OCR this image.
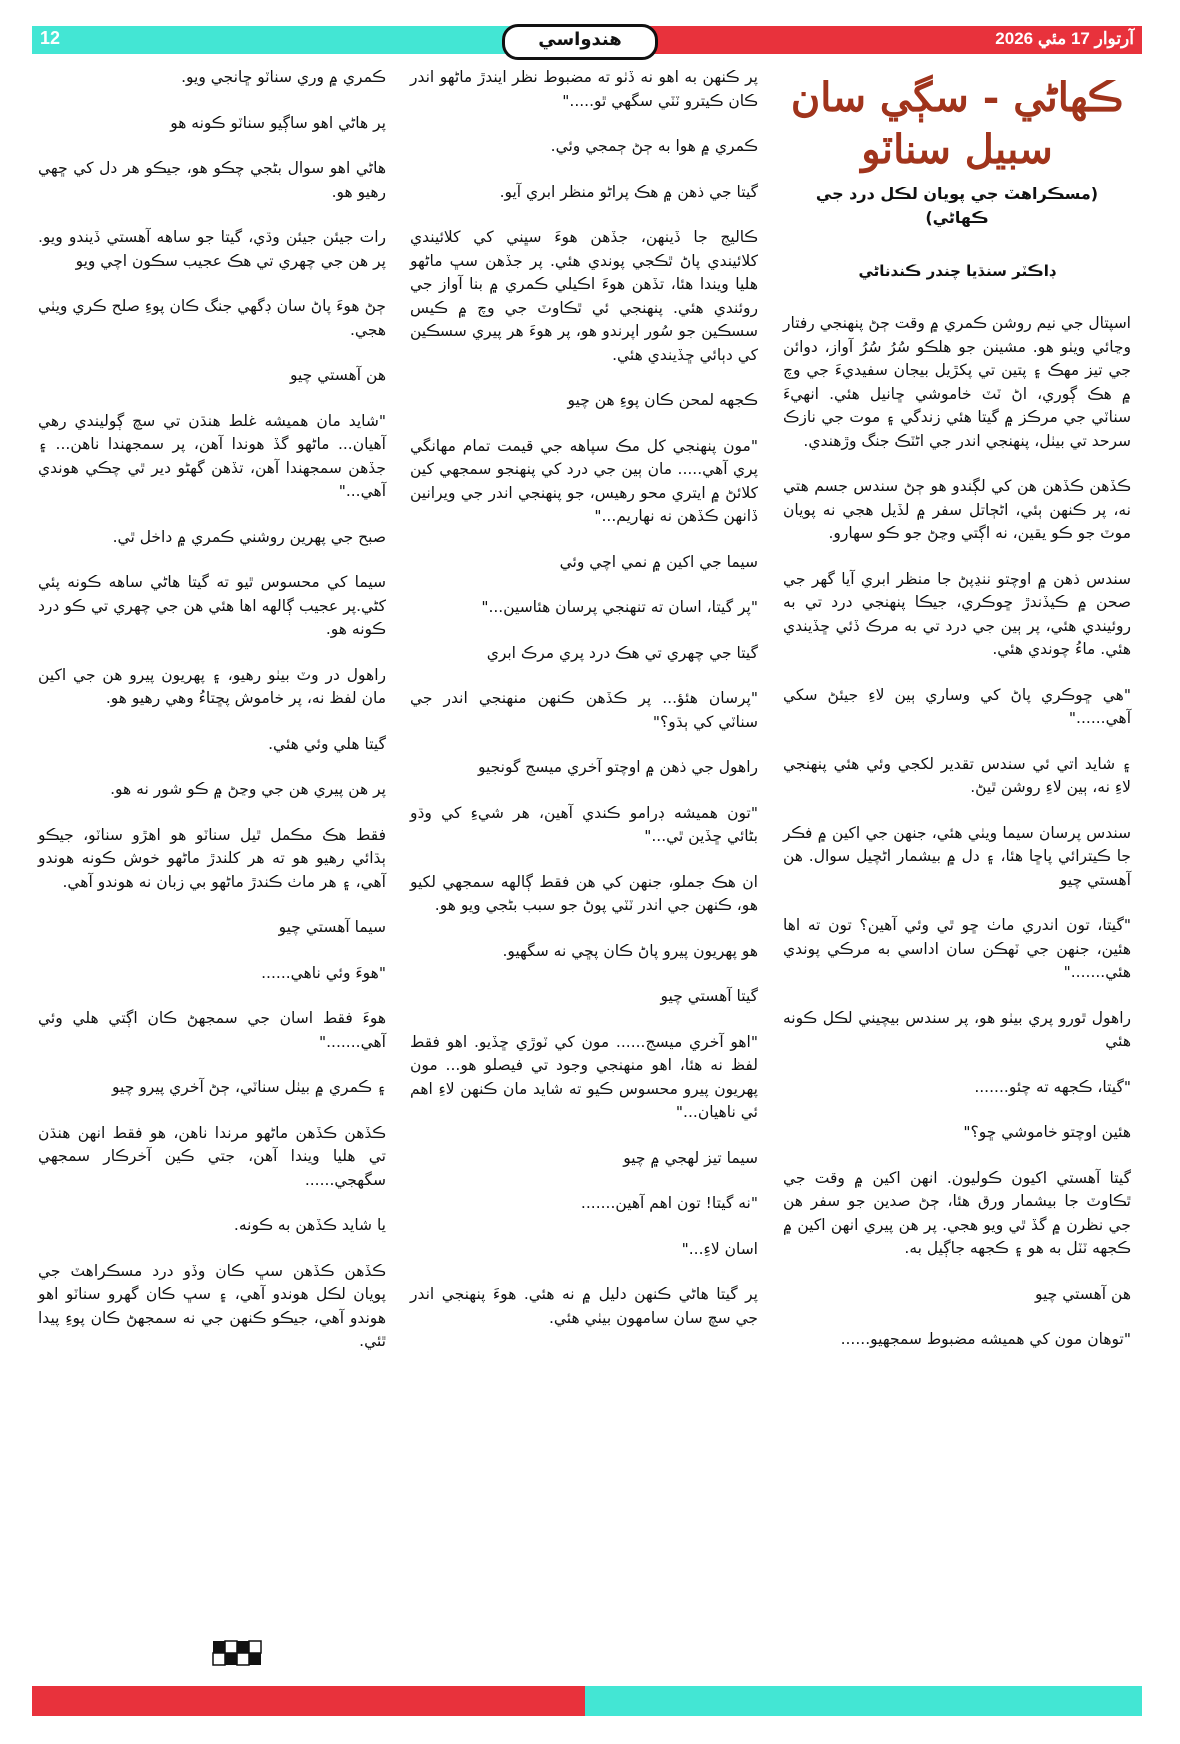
12	آرتوار 17 مئي 2026
هندواسي
ڪھاڻي - سڳي سان
سبيل سناٽو
(مسڪراهٽ جي پويان لڪل درد جي ڪھاڻي)
ڊاڪٽر سنڌيا چندر ڪندناڻي

اسپتال جي نيم روشن ڪمري ۾ وقت ڄڻ پنھنجي رفتار وڃائي ويٺو هو. مشينن جو هلڪو سُرُ سُرُ آواز، دوائن جي تيز مھڪ ۽ پتين تي پکڙيل بيجان سفيديءَ جي وچ ۾ هڪ ڳوري، اڻ ٽٽ خاموشي ڇانيل هئي. انھيءَ سناٽي جي مرڪز ۾ گيتا هئي زندگي ۽ موت جي نازڪ سرحد تي بيٺل، پنھنجي اندر جي اڻٽڪ جنگ وڙهندي.

ڪڏهن ڪڏهن هن کي لڳندو هو ڄڻ سندس جسم هتي نه، پر ڪنھن ٻئي، اڻڄاتل سفر ۾ لڏيل هجي نه پويان موٽ جو ڪو يقين، نه اڳتي وڃڻ جو ڪو سھارو.

سندس ذهن ۾ اوچتو ننڍپڻ جا منظر ابري آيا گهر جي صحن ۾ ڪيڏندڙ ڇوڪري، جيڪا پنھنجي درد تي به روئيندي هئي، پر ٻين جي درد تي به مرڪ ڏئي ڇڏيندي هئي. ماءُ چوندي هئي.

"هي ڇوڪري پاڻ کي وساري ٻين لاءِ جيئڻ سکي آهي......"

۽ شايد اتي ئي سندس تقدير لکجي وئي هئي پنھنجي لاءِ نه، ٻين لاءِ روشن ٿيڻ.

سندس پرسان سيما ويٺي هئي، جنھن جي اکين ۾ فڪر جا ڪيترائي پاڇا هئا، ۽ دل ۾ بيشمار اڻچيل سوال. هن آهستي چيو

"گيتا، تون اندري ماٺ ڇو ٿي وئي آهين؟ تون ته اها هئين، جنھن جي ٽھڪن سان اداسي به مرڪي پوندي هئي......."

راهول ٿورو پري بيٺو هو، پر سندس بيچيني لڪل ڪونه هئي

"گيتا، ڪجھه ته چئو.......

هئين اوچتو خاموشي ڇو؟"

گيتا آهستي اکيون ڪوليون. انھن اکين ۾ وقت جي ٿڪاوٽ جا بيشمار ورق هئا، ڄڻ صدين جو سفر هن جي نظرن ۾ گڏ ٿي ويو هجي. پر هن پيري انھن اکين ۾ ڪجھه ٽٽل به هو ۽ ڪجھه جاڳيل به.

هن آهستي چيو

"توهان مون کي هميشه مضبوط سمجهيو......

پر ڪنھن به اهو نه ڏٺو ته مضبوط نظر ايندڙ ماڻھو اندر ڪان ڪيترو ٽٽي سگهي ٿو....."

ڪمري ۾ هوا به ڄڻ ڄمجي وئي.

گيتا جي ذهن ۾ هڪ پراڻو منظر ابري آيو.

ڪاليج جا ڏينهن، جڏهن هوءَ سڀني کي کلائيندي کلائيندي پاڻ ٿڪجي پوندي هئي. پر جڏهن سڀ ماڻھو هليا ويندا هئا، تڏهن هوءَ اڪيلي ڪمري ۾ بنا آواز جي روئندي هئي. پنھنجي ئي ٿڪاوٽ جي وچ ۾ ڪيس سسڪين جو سُور اپرندو هو، پر هوءَ هر پيري سسڪين کي دٻائي ڇڏيندي هئي.

ڪجھه لمحن ڪان پوءِ هن چيو

"مون پنھنجي کل مڪ سپاهه جي قيمت تمام مھانگي پري آهي..... مان ٻين جي درد کي پنھنجو سمجهي کين کلائڻ ۾ ايتري محو رهيس، جو پنھنجي اندر جي ويرانين ڏانھن ڪڏهن نه نھاريم..."

سيما جي اکين ۾ نمي اچي وئي

"پر گيتا، اسان ته تنھنجي پرسان هئاسين..."

گيتا جي چھري تي هڪ درد پري مرڪ ابري

"پرسان هئؤ... پر ڪڏهن ڪنھن منھنجي اندر جي سناٽي کي ٻڌو؟"

راهول جي ذهن ۾ اوچتو آخري ميسج گونجيو

"تون هميشه ڊرامو ڪندي آهين، هر شيءِ کي وڌو بڻائي ڇڏين ٿي..."

ان هڪ جملو، جنھن کي هن فقط ڳالھه سمجهي لکيو هو، ڪنھن جي اندر ٽٽي پوڻ جو سبب بڻجي ويو هو.

هو پھريون پيرو پاڻ ڪان پڇي نه سگهيو.

گيتا آهستي چيو

"اهو آخري ميسج...... مون کي ٽوڙي ڇڏيو. اهو فقط لفظ نه هئا، اهو منھنجي وجود تي فيصلو هو... مون پھريون پيرو محسوس ڪيو ته شايد مان ڪنھن لاءِ اهم ئي ناهيان..."

سيما تيز لھجي ۾ چيو

"نه گيتا! تون اهم آهين.......

اسان لاءِ..."

پر گيتا هاڻي ڪنھن دليل ۾ نه هئي. هوءَ پنھنجي اندر جي سچ سان سامھون بيٺي هئي.

ڪمري ۾ وري سناٽو ڇانجي ويو.

پر هاڻي اهو ساڳيو سناٽو ڪونه هو

هاڻي اهو سوال بڻجي چڪو هو، جيڪو هر دل کي ڇھي رهيو هو.

رات جيئن جيئن وڌي، گيتا جو ساهه آهستي ڏيندو ويو. پر هن جي چھري تي هڪ عجيب سڪون اچي ويو

ڄڻ هوءَ پاڻ سان ڊگهي جنگ ڪان پوءِ صلح ڪري ويٺي هجي.

هن آهستي چيو

"شايد مان هميشه غلط هنڌن تي سچ ڳوليندي رهي آهيان... ماڻھو گڏ هوندا آهن، پر سمجهندا ناهن... ۽ جڏهن سمجهندا آهن، تڏهن گھڻو دير ٿي چڪي هوندي آهي..."

صبح جي پھرين روشني ڪمري ۾ داخل ٿي.

سيما کي محسوس ٿيو ته گيتا هاڻي ساهه ڪونه پئي کڻي.پر عجيب ڳالھه اها هئي هن جي چھري تي ڪو درد ڪونه هو.

راهول در وٽ بيٺو رهيو، ۽ پھريون پيرو هن جي اکين مان لفظ نه، پر خاموش پڇتاءُ وهي رهيو هو.

گيتا هلي وئي هئي.

پر هن پيري هن جي وڃڻ ۾ ڪو شور نه هو.

فقط هڪ مڪمل ٿيل سناٽو هو اهڙو سناٽو، جيڪو ٻڌائي رهيو هو ته هر کلندڙ ماڻھو خوش ڪونه هوندو آهي، ۽ هر ماٺ ڪندڙ ماڻھو بي زبان نه هوندو آهي.

سيما آهستي چيو

"هوءَ وئي ناهي......

هوءَ فقط اسان جي سمجهڻ ڪان اڳتي هلي وئي آهي......."

۽ ڪمري ۾ بيٺل سناٽي، ڄڻ آخري پيرو چيو

ڪڏهن ڪڏهن ماڻھو مرندا ناهن، هو فقط انھن هنڌن تي هليا ويندا آهن، جتي ڪين آخرڪار سمجهي سگهجي......

يا شايد ڪڏهن به ڪونه.

ڪڏهن ڪڏهن سڀ ڪان وڏو درد مسڪراهٽ جي پويان لڪل هوندو آهي، ۽ سڀ ڪان گھرو سناٽو اهو هوندو آهي، جيڪو ڪنھن جي نه سمجهڻ ڪان پوءِ پيدا ٿئي.
